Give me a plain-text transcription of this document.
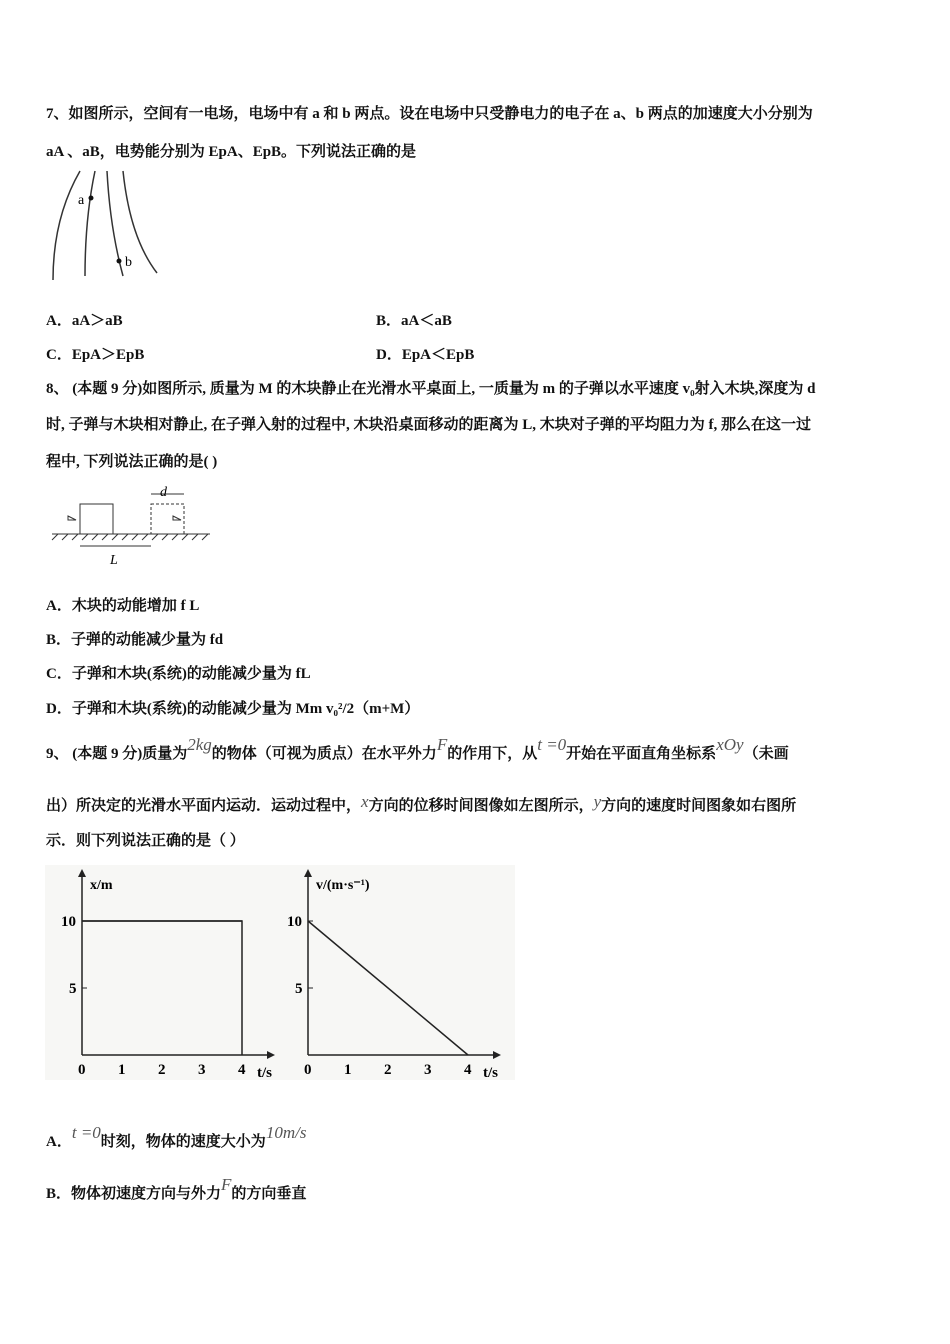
7、如图所示，空间有一电场，电场中有 a 和 b 两点。设在电场中只受静电力的电子在 a、b 两点的加速度大小分别为
aA 、aB，电势能分别为 EpA、EpB。下列说法正确的是
a
b
A．aA＞aB	B．aA＜aB
C．EpA＞EpB	D．EpA＜EpB
8、 (本题 9 分)如图所示, 质量为 M 的木块静止在光滑水平桌面上, 一质量为 m 的子弹以水平速度 v₀射入木块,深度为 d
时, 子弹与木块相对静止, 在子弹入射的过程中, 木块沿桌面移动的距离为 L, 木块对子弹的平均阻力为 f, 那么在这一过
程中, 下列说法正确的是( )
d
L
A．木块的动能增加 f L
B．子弹的动能减少量为 fd
C．子弹和木块(系统)的动能减少量为 fL
D．子弹和木块(系统)的动能减少量为 Mm v₀²/2（m+M）
9、 (本题 9 分)质量为2kg的物体（可视为质点）在水平外力F的作用下，从t =0开始在平面直角坐标系xOy（未画
出）所决定的光滑水平面内运动．运动过程中，x方向的位移时间图像如左图所示，y方向的速度时间图象如右图所
示．则下列说法正确的是（ ）
0 1 2 3 4
5
10
t/s
x/m
0 1 2 3 4
5
10
t/s
v/(m·s⁻¹)
A．t =0时刻，物体的速度大小为10m/s
B．物体初速度方向与外力F的方向垂直
